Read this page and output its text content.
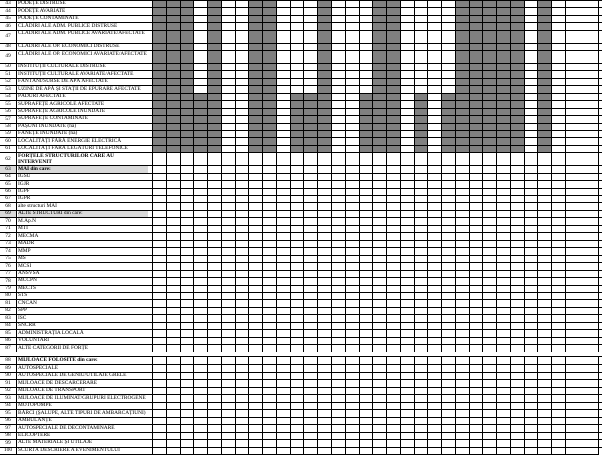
43	PODEȚE DISTRUSE
44	PODEȚE AVARIATE
45	PODEȚE CONTAMINATE
46	CLĂDIRI ALE ADM. PUBLICE DISTRUSE
47	CLĂDIRI ALE ADM. PUBLICE AVARIATE/AFECTATE
48	CLĂDIRI ALE OP. ECONOMICI DISTRUSE
49	CLĂDIRI ALE OP. ECONOMICI AVARIATE/AFECTATE
50	INSTITUȚII CULTURALE DISTRUSE
51	INSTITUȚII CULTURALE AVARIATE/AFECTATE
52	FÂNTÂNI/SURSE DE APĂ AFECTATE
53	UZINE DE APĂ ȘI STAȚII DE EPURARE AFECTATE
54	PĂDURI AFECTATE
55	SUPRAFEȚE AGRICOLE AFECTATE
56	SUPRAFEȚE AGRICOLE INUNDATE
57	SUPRAFEȚE CONTAMINATE
58	PĂȘUNI INUNDATE (ha)
59	FÂNEȚE INUNDATE (ha)
60	LOCALITĂȚI FĂRĂ ENERGIE ELECTRICĂ
61	LOCALITĂȚI FĂRĂ LEGĂTURI TELEFONICE
62	FORȚELE STRUCTURILOR CARE AU INTERVENIT
63	MAI din care:
64	IGSU
65	IGJR
66	IGPF
67	IGPR
68	alte structuri MAI
69	ALTE STRUCTURI din care:
70	M.Ap.N
71	MTI
72	MECMA
73	MADR
74	MMP
75	MS
76	MCSI
77	ANSVSA
78	MCCPN
79	MECTS
80	STS
81	CNCAN
82	SPP
83	ISC
84	SNCRR
85	ADMINISTRAȚIA LOCALĂ
86	VOLUNTARI
87	ALTE CATEGORII DE FORȚE
88	MIJLOACE FOLOSITE din care:
89	AUTOSPECIALE
90	AUTOSPECIALE DE GENIU/UTILAJE GRELE
91	MIJLOACE DE DESCARCERARE
92	MIJLOACE DE TRANSPORT
93	MIJLOACE DE ILUMINAT/GRUPURI ELECTROGENE
94	MOTOPOMPE
95	BĂRCI (ȘALUPE, ALTE TIPURI DE AMBARCAȚIUNI)
96	AMBULANȚE
97	AUTOSPECIALE DE DECONTAMINARE
98	ELICOPTERE
99	ALTE MATERIALE ȘI UTILAJE
100	SCURTĂ DESCRIERE A EVENIMENTULUI
